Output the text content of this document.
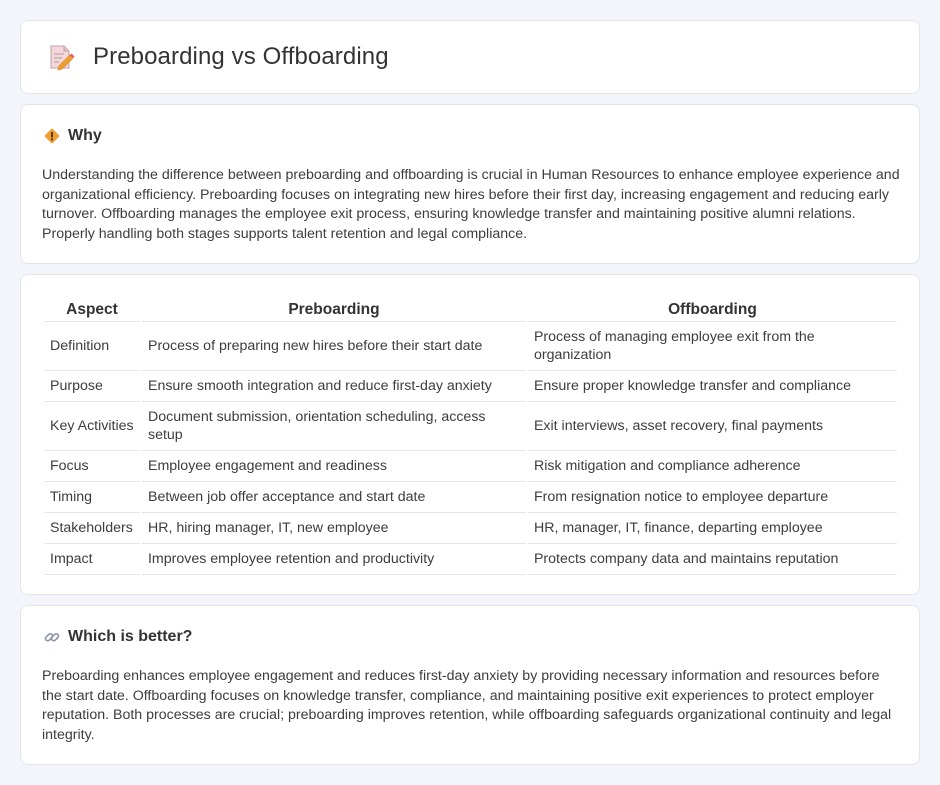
Preboarding vs Offboarding
Why

Understanding the difference between preboarding and offboarding is crucial in Human Resources to enhance employee experience and organizational efficiency. Preboarding focuses on integrating new hires before their first day, increasing engagement and reducing early turnover. Offboarding manages the employee exit process, ensuring knowledge transfer and maintaining positive alumni relations. Properly handling both stages supports talent retention and legal compliance.

Aspect	Preboarding	Offboarding
Definition	Process of preparing new hires before their start date	Process of managing employee exit from the organization
Purpose	Ensure smooth integration and reduce first-day anxiety	Ensure proper knowledge transfer and compliance
Key Activities	Document submission, orientation scheduling, access setup	Exit interviews, asset recovery, final payments
Focus	Employee engagement and readiness	Risk mitigation and compliance adherence
Timing	Between job offer acceptance and start date	From resignation notice to employee departure
Stakeholders	HR, hiring manager, IT, new employee	HR, manager, IT, finance, departing employee
Impact	Improves employee retention and productivity	Protects company data and maintains reputation
Which is better?

Preboarding enhances employee engagement and reduces first-day anxiety by providing necessary information and resources before the start date. Offboarding focuses on knowledge transfer, compliance, and maintaining positive exit experiences to protect employer reputation. Both processes are crucial; preboarding improves retention, while offboarding safeguards organizational continuity and legal integrity.
